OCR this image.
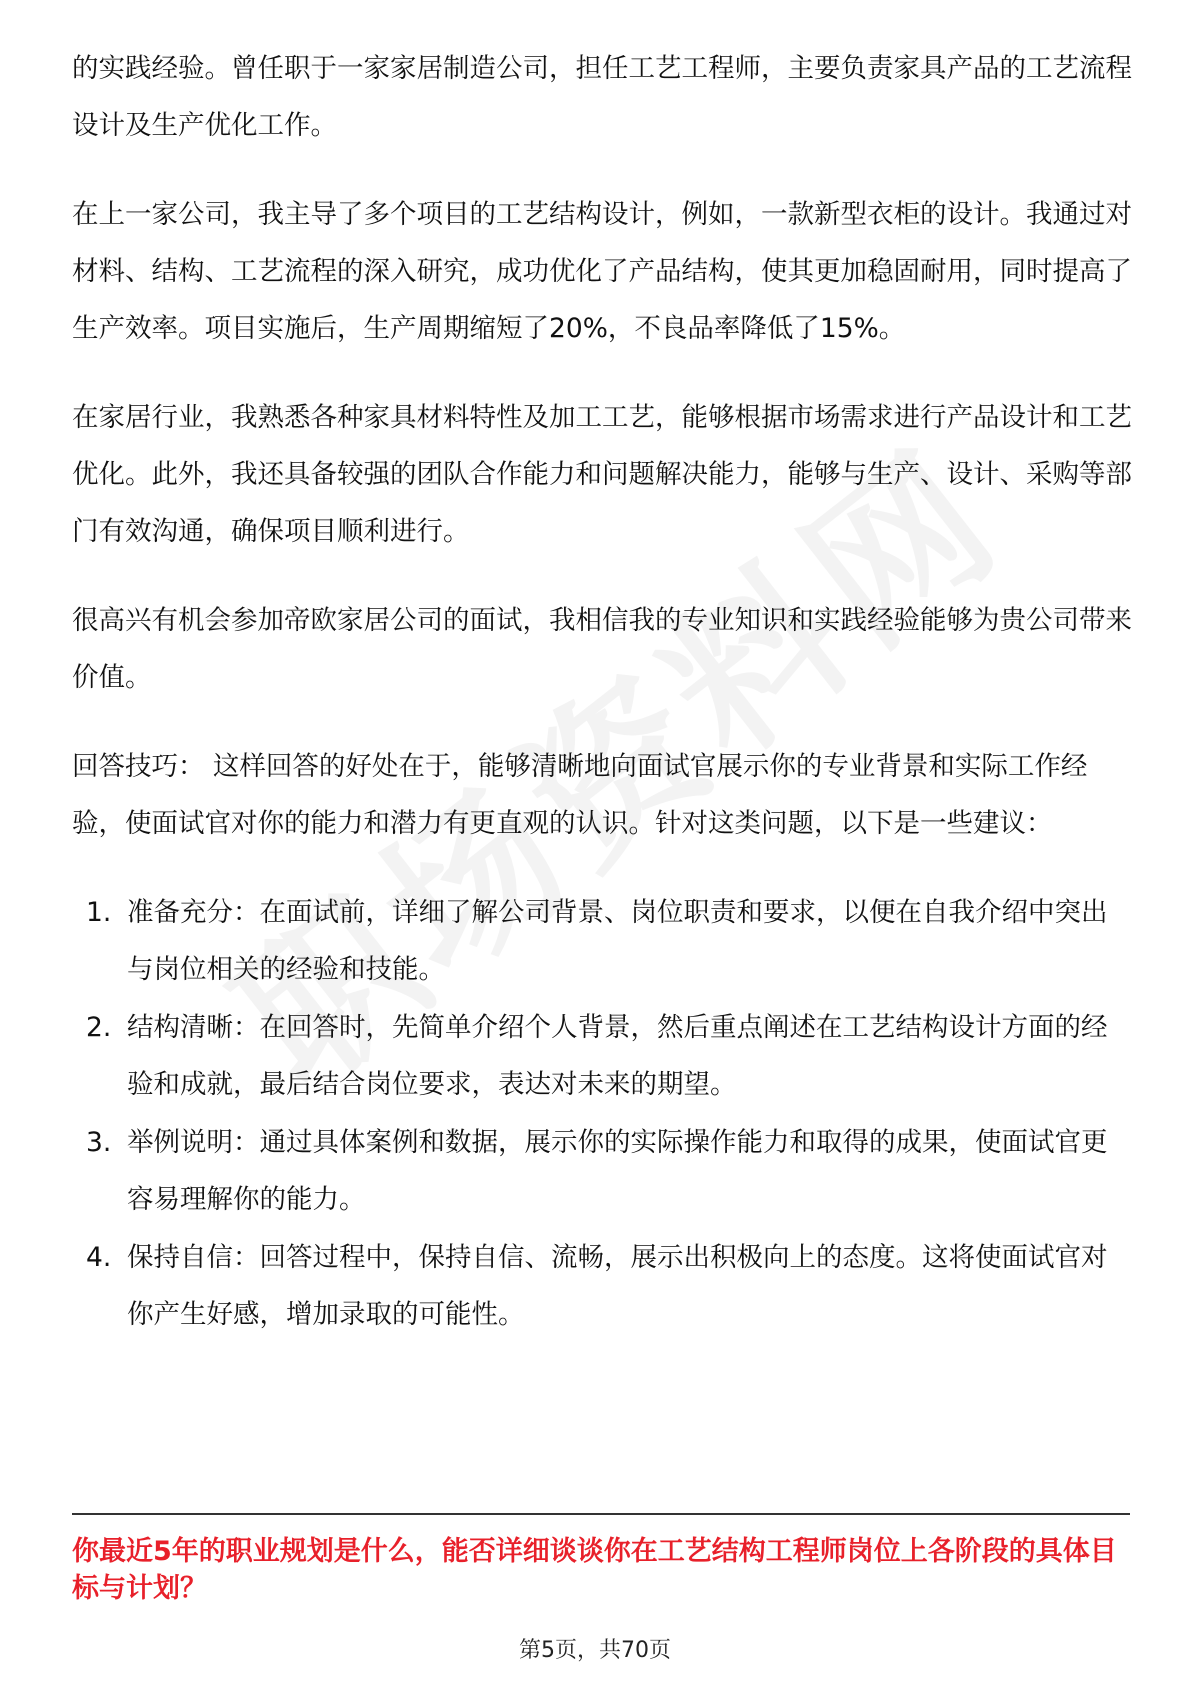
的实践经验。曾任职于一家家居制造公司，担任工艺工程师，主要负责家具产品的工艺流程设计及生产优化工作。

在上一家公司，我主导了多个项目的工艺结构设计，例如，一款新型衣柜的设计。我通过对材料、结构、工艺流程的深入研究，成功优化了产品结构，使其更加稳固耐用，同时提高了生产效率。项目实施后，生产周期缩短了20%，不良品率降低了15%。

在家居行业，我熟悉各种家具材料特性及加工工艺，能够根据市场需求进行产品设计和工艺优化。此外，我还具备较强的团队合作能力和问题解决能力，能够与生产、设计、采购等部门有效沟通，确保项目顺利进行。

很高兴有机会参加帝欧家居公司的面试，我相信我的专业知识和实践经验能够为贵公司带来价值。

回答技巧： 这样回答的好处在于，能够清晰地向面试官展示你的专业背景和实际工作经验，使面试官对你的能力和潜力有更直观的认识。针对这类问题，以下是一些建议：

1. 准备充分：在面试前，详细了解公司背景、岗位职责和要求，以便在自我介绍中突出与岗位相关的经验和技能。
2. 结构清晰：在回答时，先简单介绍个人背景，然后重点阐述在工艺结构设计方面的经验和成就，最后结合岗位要求，表达对未来的期望。
3. 举例说明：通过具体案例和数据，展示你的实际操作能力和取得的成果，使面试官更容易理解你的能力。
4. 保持自信：回答过程中，保持自信、流畅，展示出积极向上的态度。这将使面试官对你产生好感，增加录取的可能性。

你最近5年的职业规划是什么，能否详细谈谈你在工艺结构工程师岗位上各阶段的具体目标与计划？

第5页，共70页
